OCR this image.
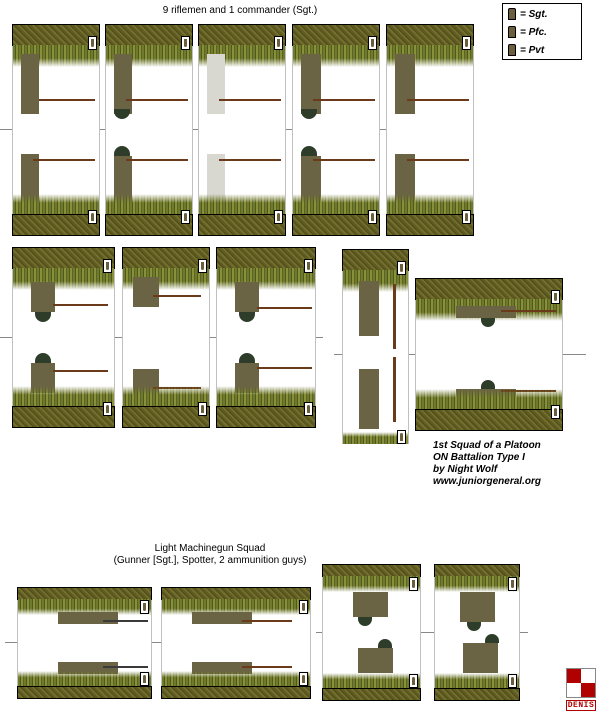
9 riflemen and 1 commander (Sgt.)	= Sgt.
= Pfc.
= Pvt
1st Squad of a Platoon
ON Battalion Type I
by Night Wolf
www.juniorgeneral.org
Light Machinegun Squad
(Gunner [Sgt.], Spotter, 2 ammunition guys)
DENIS
